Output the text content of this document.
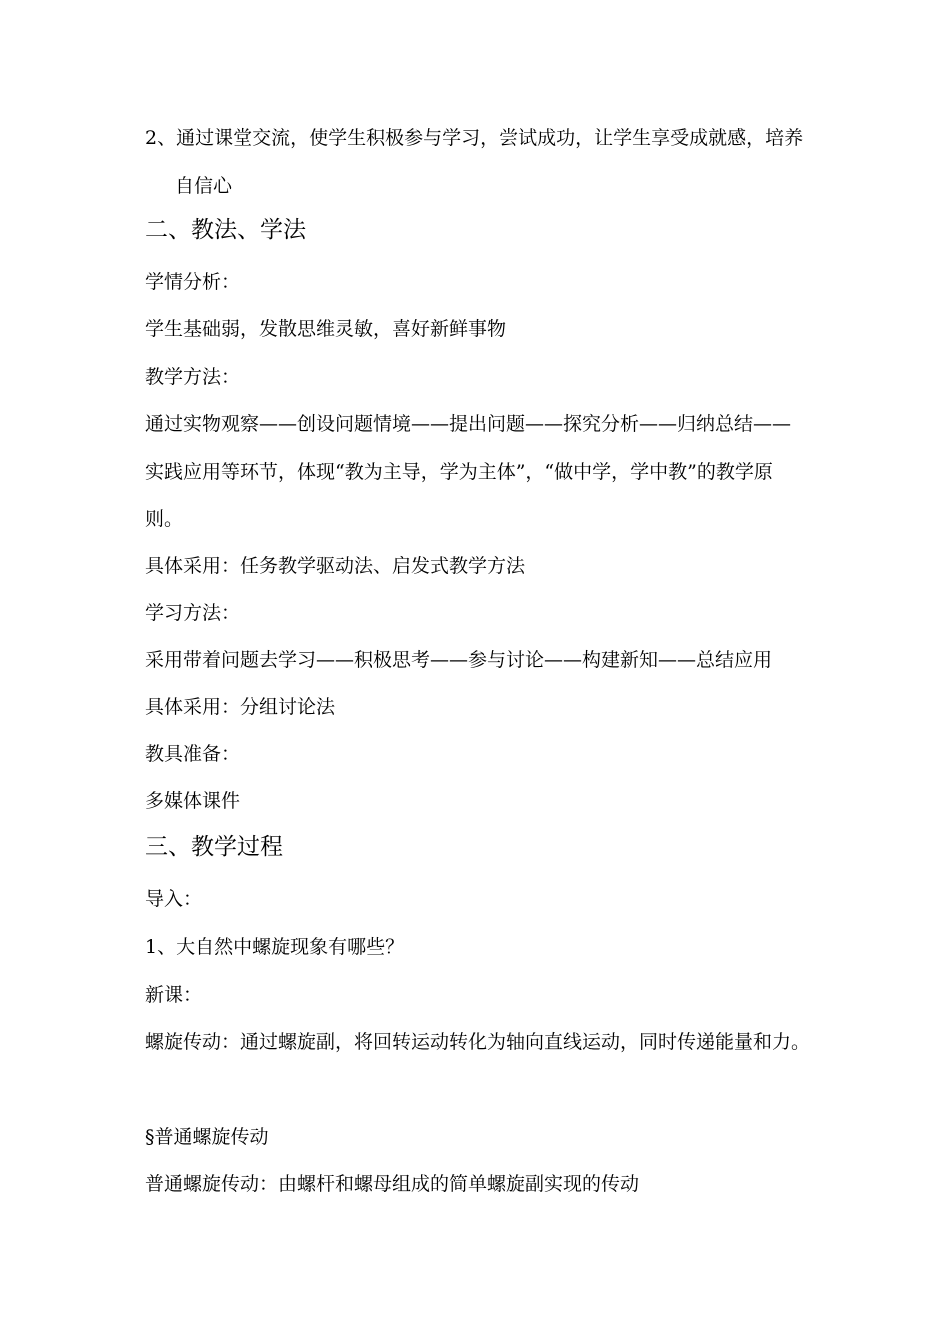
2、通过课堂交流，使学生积极参与学习，尝试成功，让学生享受成就感，培养
自信心
二、教法、学法
学情分析：
学生基础弱，发散思维灵敏，喜好新鲜事物
教学方法：
通过实物观察——创设问题情境——提出问题——探究分析——归纳总结——
实践应用等环节，体现“教为主导，学为主体”，“做中学，学中教”的教学原
则。
具体采用：任务教学驱动法、启发式教学方法
学习方法：
采用带着问题去学习——积极思考——参与讨论——构建新知——总结应用
具体采用：分组讨论法
教具准备：
多媒体课件
三、教学过程
导入：
1、大自然中螺旋现象有哪些？
新课：
螺旋传动：通过螺旋副，将回转运动转化为轴向直线运动，同时传递能量和力。
§普通螺旋传动
普通螺旋传动：由螺杆和螺母组成的简单螺旋副实现的传动
